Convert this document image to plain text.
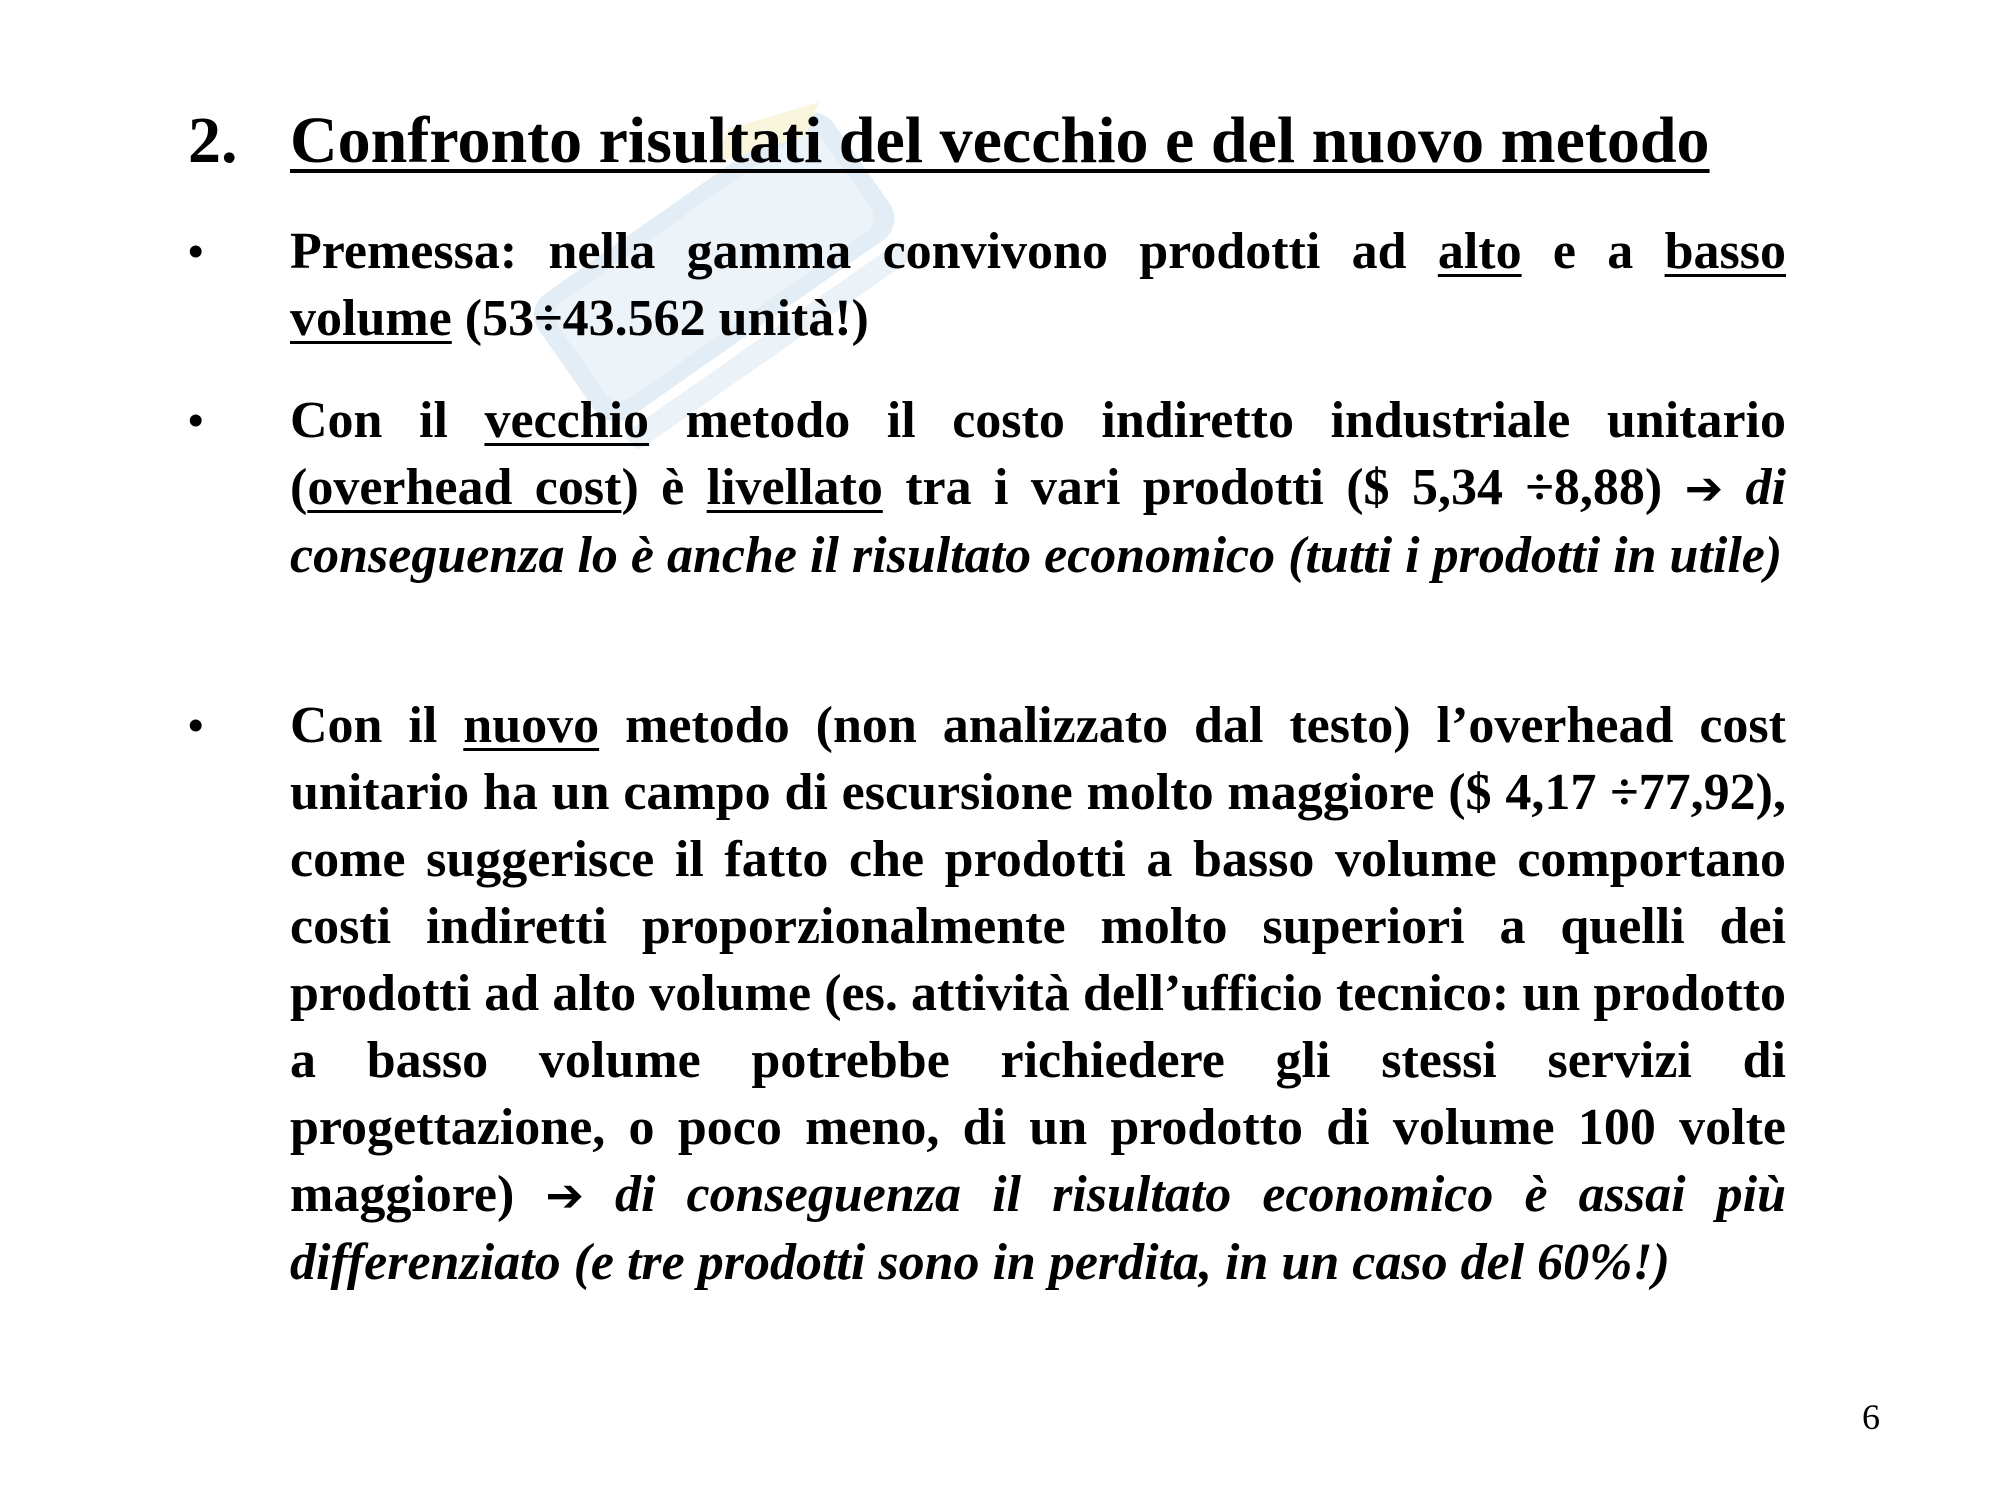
2. Confronto risultati del vecchio e del nuovo metodo
•	Premessa: nella gamma convivono prodotti ad alto e a basso volume (53÷43.562 unità!)
•	Con il vecchio metodo il costo indiretto industriale unitario (overhead cost) è livellato tra i vari prodotti ($ 5,34 ÷8,88) ➔ di conseguenza lo è anche il risultato economico (tutti i prodotti in utile)
•	Con il nuovo metodo (non analizzato dal testo) l’overhead cost unitario ha un campo di escursione molto maggiore ($ 4,17 ÷77,92), come suggerisce il fatto che prodotti a basso volume comportano costi indiretti proporzionalmente molto superiori a quelli dei prodotti ad alto volume (es. attività dell’ufficio tecnico: un prodotto a basso volume potrebbe richiedere gli stessi servizi di progettazione, o poco meno, di un prodotto di volume 100 volte maggiore) ➔ di conseguenza il risultato economico è assai più differenziato (e tre prodotti sono in perdita, in un caso del 60%!)
6
